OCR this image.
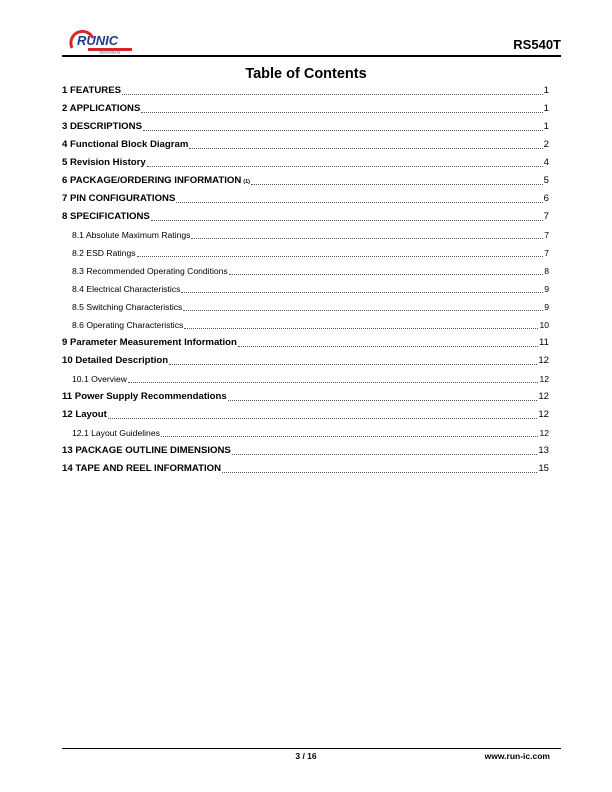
RUNIC
Semiconductor
RS540T
Table of Contents
1 FEATURES	1
2 APPLICATIONS	1
3 DESCRIPTIONS	1
4 Functional Block Diagram	2
5 Revision History	4
6 PACKAGE/ORDERING INFORMATION (1)	5
7 PIN CONFIGURATIONS	6
8 SPECIFICATIONS	7
8.1 Absolute Maximum Ratings	7
8.2 ESD Ratings	7
8.3 Recommended Operating Conditions	8
8.4 Electrical Characteristics	9
8.5 Switching Characteristics	9
8.6 Operating Characteristics	10
9 Parameter Measurement Information	11
10 Detailed Description	12
10.1 Overview	12
11 Power Supply Recommendations	12
12 Layout	12
12.1 Layout Guidelines	12
13 PACKAGE OUTLINE DIMENSIONS	13
14 TAPE AND REEL INFORMATION	15
3 / 16	www.run-ic.com
